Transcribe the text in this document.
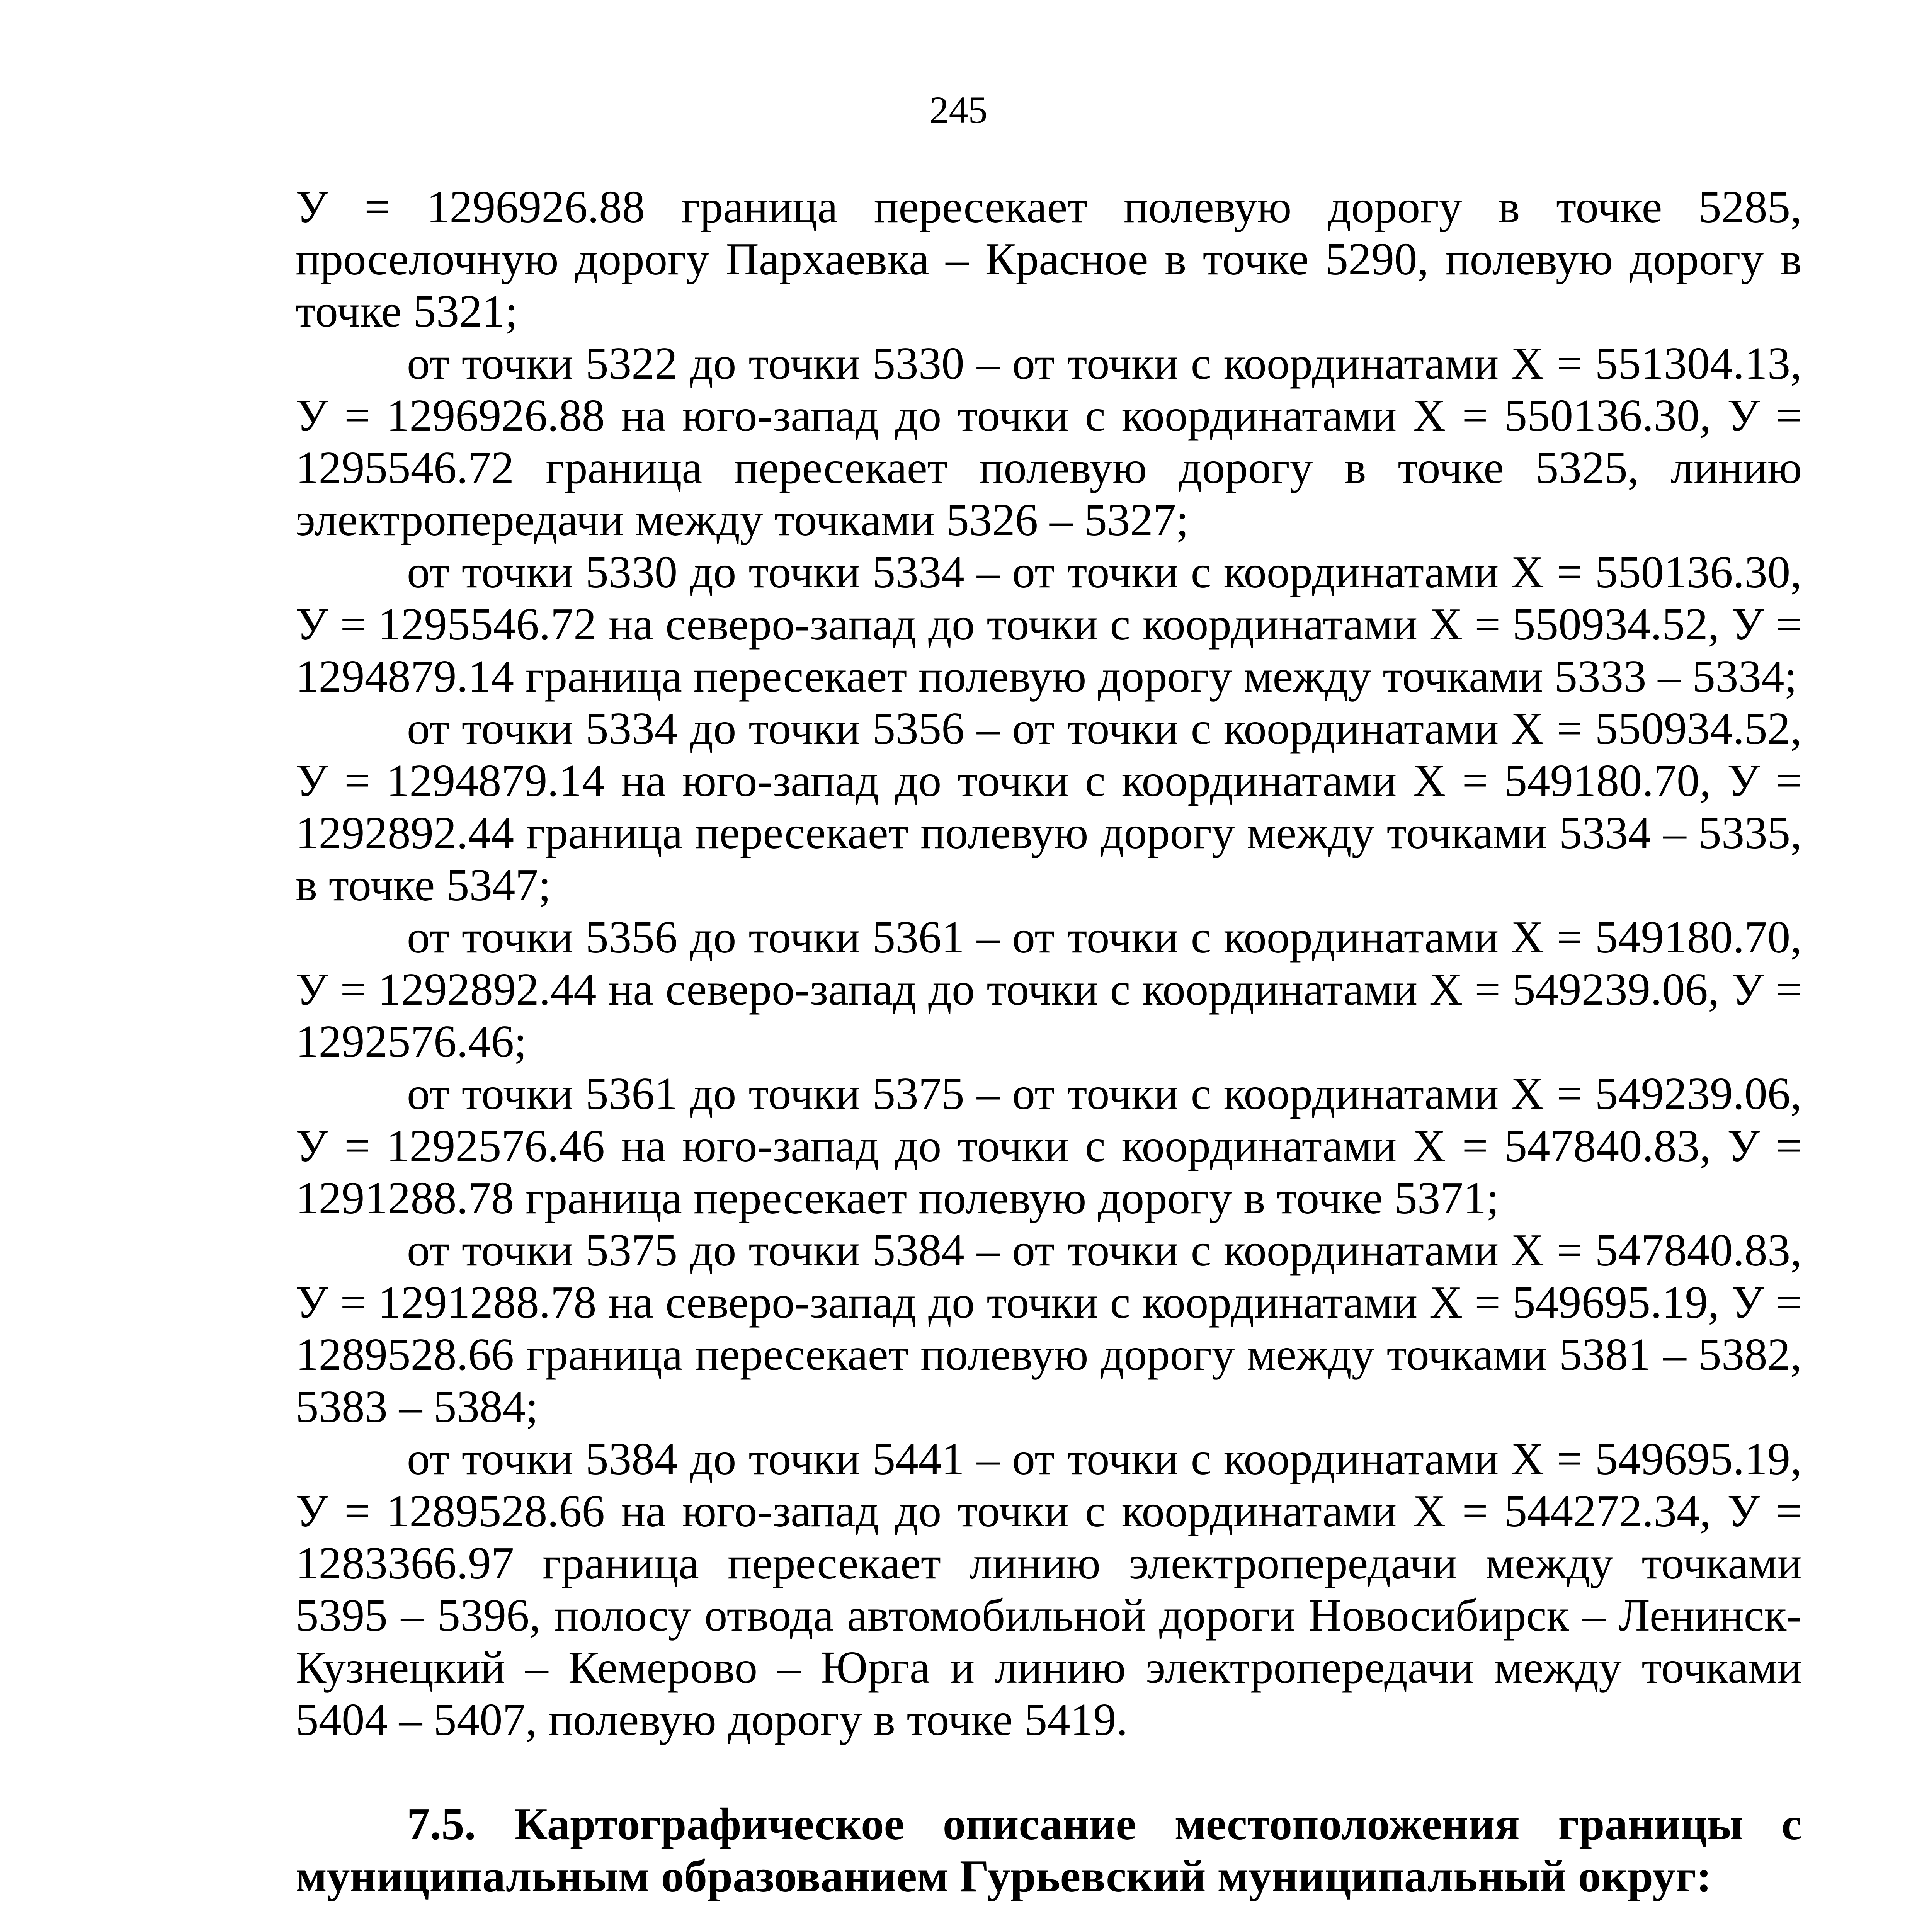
245

У = 1296926.88 граница пересекает полевую дорогу в точке 5285, проселочную дорогу Пархаевка – Красное в точке 5290, полевую дорогу в точке 5321;

от точки 5322 до точки 5330 – от точки с координатами Х = 551304.13, У = 1296926.88 на юго-запад до точки с координатами Х = 550136.30, У = 1295546.72 граница пересекает полевую дорогу в точке 5325, линию электропередачи между точками 5326 – 5327;

от точки 5330 до точки 5334 – от точки с координатами Х = 550136.30, У = 1295546.72 на северо-запад до точки с координатами Х = 550934.52, У = 1294879.14 граница пересекает полевую дорогу между точками 5333 – 5334;

от точки 5334 до точки 5356 – от точки с координатами Х = 550934.52, У = 1294879.14 на юго-запад до точки с координатами Х = 549180.70, У = 1292892.44 граница пересекает полевую дорогу между точками 5334 – 5335, в точке 5347;

от точки 5356 до точки 5361 – от точки с координатами Х = 549180.70, У = 1292892.44 на северо-запад до точки с координатами Х = 549239.06, У = 1292576.46;

от точки 5361 до точки 5375 – от точки с координатами Х = 549239.06, У = 1292576.46 на юго-запад до точки с координатами Х = 547840.83, У = 1291288.78 граница пересекает полевую дорогу в точке 5371;

от точки 5375 до точки 5384 – от точки с координатами Х = 547840.83, У = 1291288.78 на северо-запад до точки с координатами Х = 549695.19, У = 1289528.66 граница пересекает полевую дорогу между точками 5381 – 5382, 5383 – 5384;

от точки 5384 до точки 5441 – от точки с координатами Х = 549695.19, У = 1289528.66 на юго-запад до точки с координатами Х = 544272.34, У = 1283366.97 граница пересекает линию электропередачи между точками 5395 – 5396, полосу отвода автомобильной дороги Новосибирск – Ленинск-Кузнецкий – Кемерово – Юрга и линию электропередачи между точками 5404 – 5407, полевую дорогу в точке 5419.

7.5. Картографическое описание местоположения границы с муниципальным образованием Гурьевский муниципальный округ:
